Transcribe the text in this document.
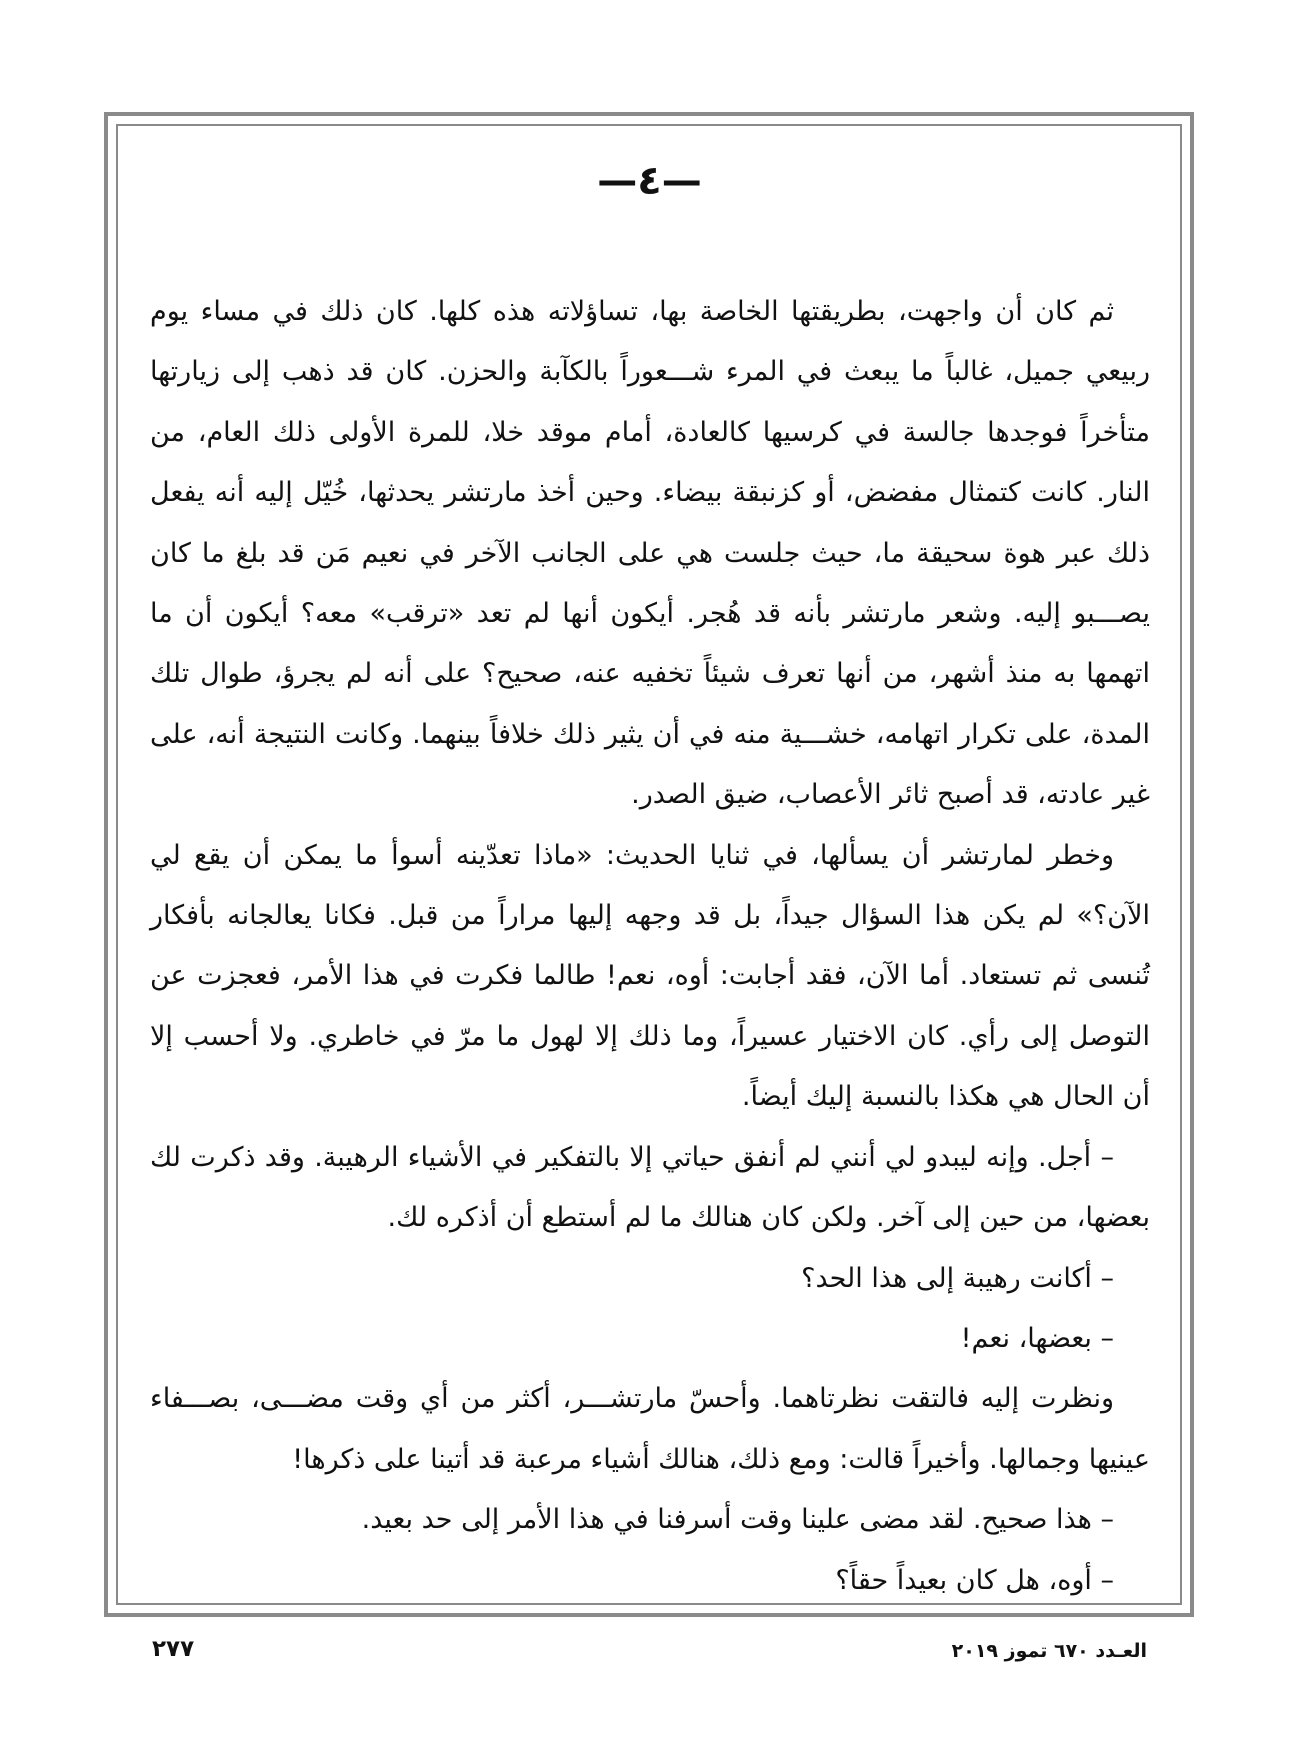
—٤—

ثم كان أن واجهت، بطريقتها الخاصة بها، تساؤلاته هذه كلها. كان ذلك في مساء يوم ربيعي جميل، غالباً ما يبعث في المرء شـــعوراً بالكآبة والحزن. كان قد ذهب إلى زيارتها متأخراً فوجدها جالسة في كرسيها كالعادة، أمام موقد خلا، للمرة الأولى ذلك العام، من النار. كانت كتمثال مفضض، أو كزنبقة بيضاء. وحين أخذ مارتشر يحدثها، خُيّل إليه أنه يفعل ذلك عبر هوة سحيقة ما، حيث جلست هي على الجانب الآخر في نعيم مَن قد بلغ ما كان يصـــبو إليه. وشعر مارتشر بأنه قد هُجر. أيكون أنها لم تعد «ترقب» معه؟ أيكون أن ما اتهمها به منذ أشهر، من أنها تعرف شيئاً تخفيه عنه، صحيح؟ على أنه لم يجرؤ، طوال تلك المدة، على تكرار اتهامه، خشـــية منه في أن يثير ذلك خلافاً بينهما. وكانت النتيجة أنه، على غير عادته، قد أصبح ثائر الأعصاب، ضيق الصدر.

وخطر لمارتشر أن يسألها، في ثنايا الحديث: «ماذا تعدّينه أسوأ ما يمكن أن يقع لي الآن؟» لم يكن هذا السؤال جيداً، بل قد وجهه إليها مراراً من قبل. فكانا يعالجانه بأفكار تُنسى ثم تستعاد. أما الآن، فقد أجابت: أوه، نعم! طالما فكرت في هذا الأمر، فعجزت عن التوصل إلى رأي. كان الاختيار عسيراً، وما ذلك إلا لهول ما مرّ في خاطري. ولا أحسب إلا أن الحال هي هكذا بالنسبة إليك أيضاً.

– أجل. وإنه ليبدو لي أنني لم أنفق حياتي إلا بالتفكير في الأشياء الرهيبة. وقد ذكرت لك بعضها، من حين إلى آخر. ولكن كان هنالك ما لم أستطع أن أذكره لك.

– أكانت رهيبة إلى هذا الحد؟

– بعضها، نعم!

ونظرت إليه فالتقت نظرتاهما. وأحسّ مارتشـــر، أكثر من أي وقت مضـــى، بصـــفاء عينيها وجمالها. وأخيراً قالت: ومع ذلك، هنالك أشياء مرعبة قد أتينا على ذكرها!

– هذا صحيح. لقد مضى علينا وقت أسرفنا في هذا الأمر إلى حد بعيد.

– أوه، هل كان بعيداً حقاً؟

العـدد ٦٧٠ تموز ٢٠١٩
٢٧٧
